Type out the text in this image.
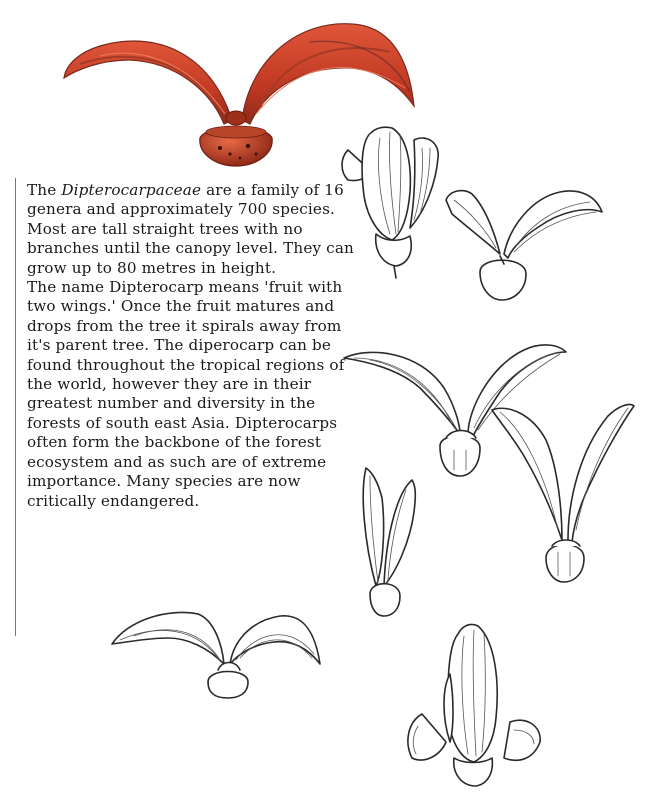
The Dipterocarpaceae are a family of 16 genera and approximately 700 species. Most are tall straight trees with no branches until the canopy level. They can grow up to 80 metres in height.

The name Dipterocarp means 'fruit with two wings.' Once the fruit matures and drops from the tree it spirals away from it's parent tree. The diperocarp can be found throughout the tropical regions of the world, however they are in their greatest number and diversity in the forests of south east Asia. Dipterocarps often form the backbone of the forest ecosystem and as such are of extreme importance. Many species are now critically endangered.
